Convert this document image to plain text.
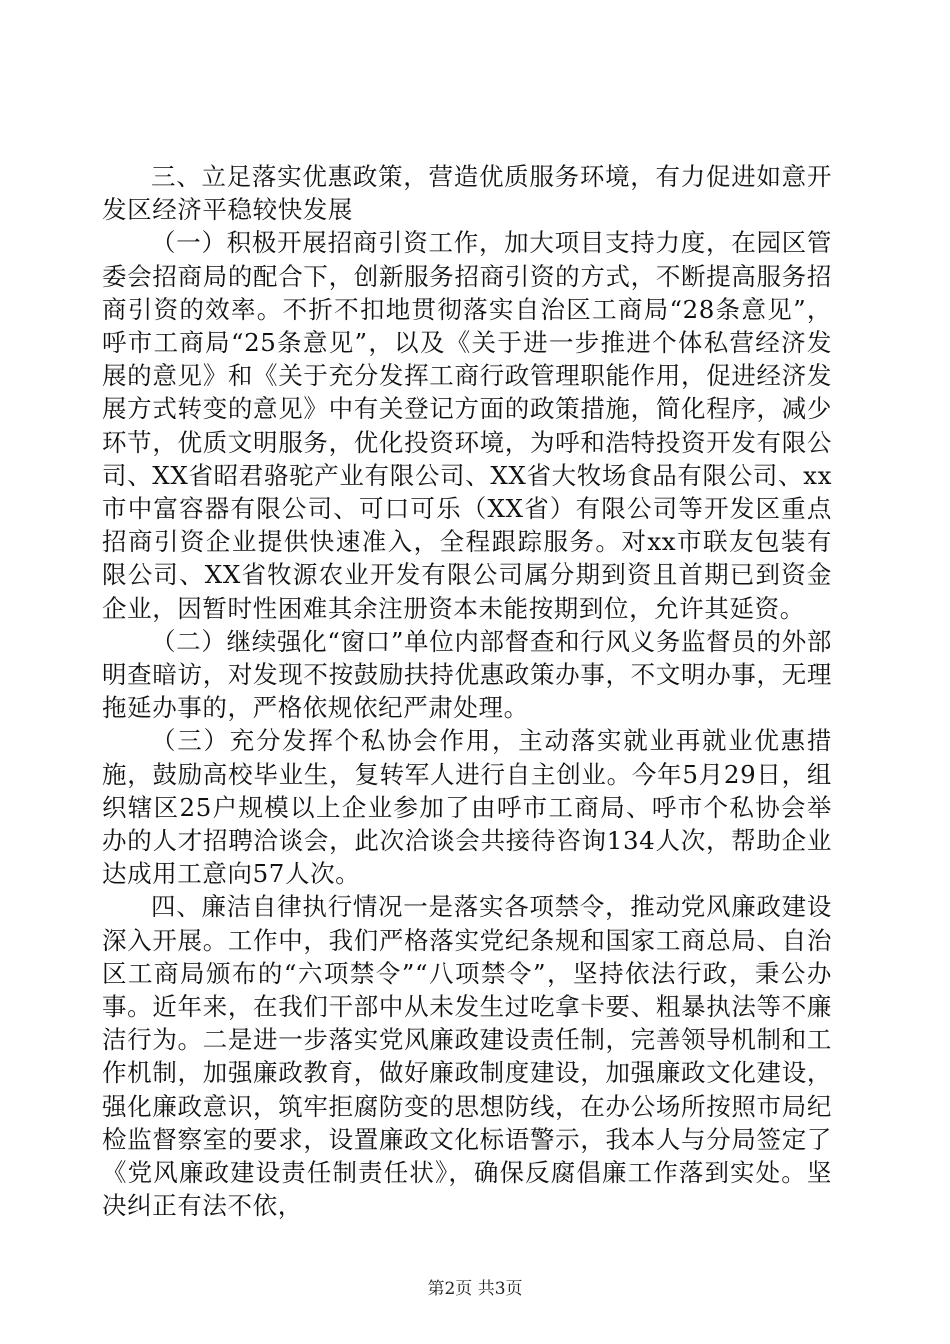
三、立足落实优惠政策，营造优质服务环境，有力促进如意开发区经济平稳较快发展

（一）积极开展招商引资工作，加大项目支持力度，在园区管委会招商局的配合下，创新服务招商引资的方式，不断提高服务招商引资的效率。不折不扣地贯彻落实自治区工商局“28条意见”，呼市工商局“25条意见”，以及《关于进一步推进个体私营经济发展的意见》和《关于充分发挥工商行政管理职能作用，促进经济发展方式转变的意见》中有关登记方面的政策措施，简化程序，减少环节，优质文明服务，优化投资环境，为呼和浩特投资开发有限公司、XX省昭君骆驼产业有限公司、XX省大牧场食品有限公司、xx市中富容器有限公司、可口可乐（XX省）有限公司等开发区重点招商引资企业提供快速准入，全程跟踪服务。对xx市联友包装有限公司、XX省牧源农业开发有限公司属分期到资且首期已到资金企业，因暂时性困难其余注册资本未能按期到位，允许其延资。

（二）继续强化“窗口”单位内部督查和行风义务监督员的外部明查暗访，对发现不按鼓励扶持优惠政策办事，不文明办事，无理拖延办事的，严格依规依纪严肃处理。

（三）充分发挥个私协会作用，主动落实就业再就业优惠措施，鼓励高校毕业生，复转军人进行自主创业。今年5月29日，组织辖区25户规模以上企业参加了由呼市工商局、呼市个私协会举办的人才招聘洽谈会，此次洽谈会共接待咨询134人次，帮助企业达成用工意向57人次。

四、廉洁自律执行情况一是落实各项禁令，推动党风廉政建设深入开展。工作中，我们严格落实党纪条规和国家工商总局、自治区工商局颁布的“六项禁令”“八项禁令”，坚持依法行政，秉公办事。近年来，在我们干部中从未发生过吃拿卡要、粗暴执法等不廉洁行为。二是进一步落实党风廉政建设责任制，完善领导机制和工作机制，加强廉政教育，做好廉政制度建设，加强廉政文化建设，强化廉政意识，筑牢拒腐防变的思想防线，在办公场所按照市局纪检监督察室的要求，设置廉政文化标语警示，我本人与分局签定了《党风廉政建设责任制责任状》，确保反腐倡廉工作落到实处。坚决纠正有法不依，

第2页 共3页
